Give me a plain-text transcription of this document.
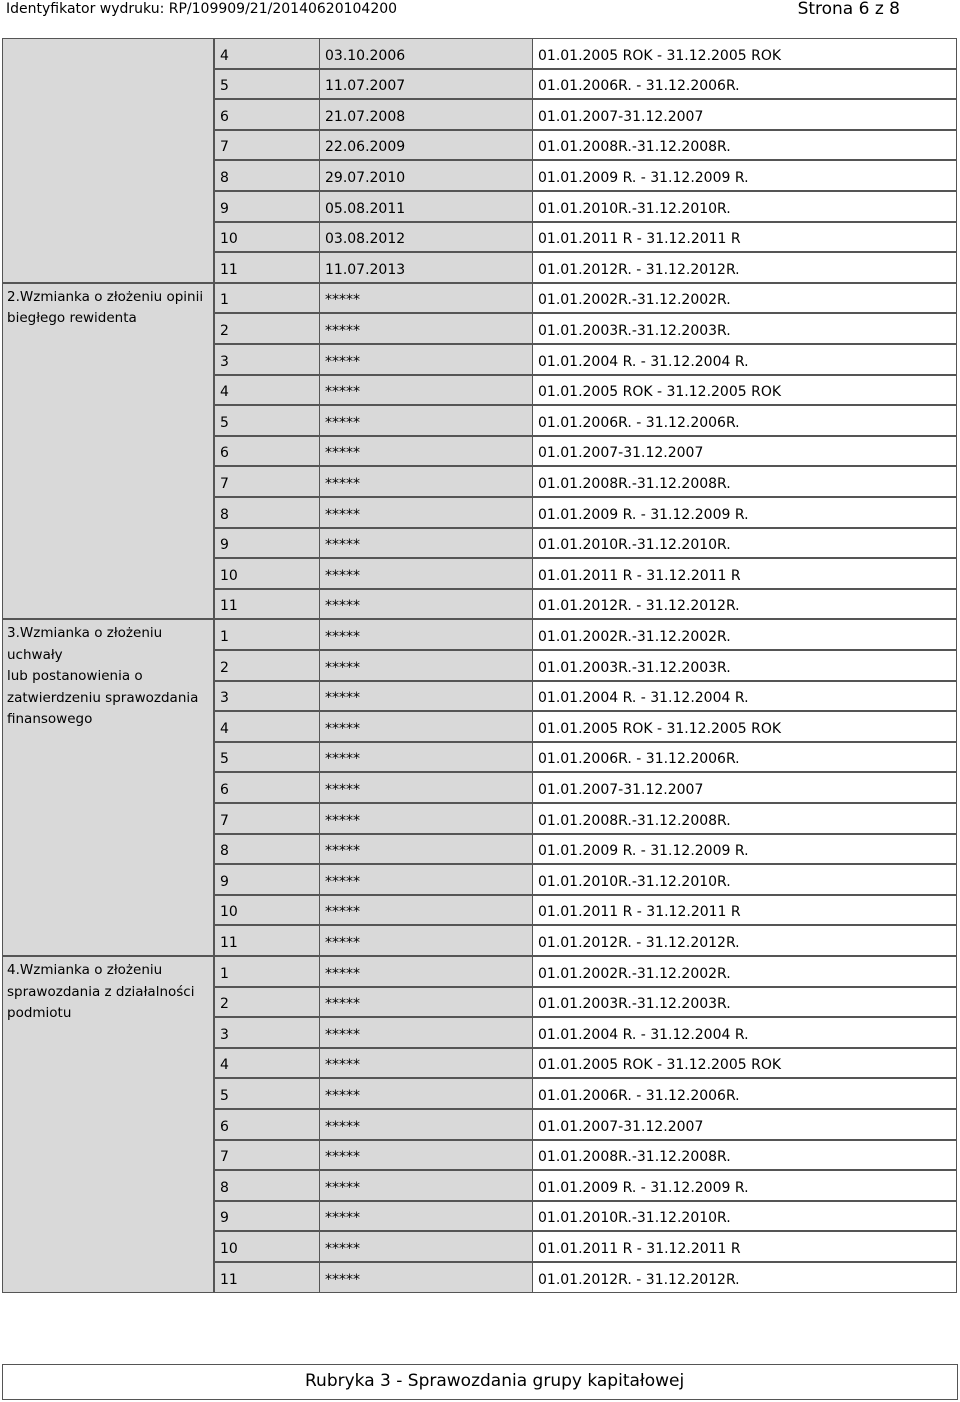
Identyfikator wydruku: RP/109909/21/20140620104200	Strona 6 z 8
4	03.10.2006	01.01.2005 ROK - 31.12.2005 ROK
5	11.07.2007	01.01.2006R. - 31.12.2006R.
6	21.07.2008	01.01.2007-31.12.2007
7	22.06.2009	01.01.2008R.-31.12.2008R.
8	29.07.2010	01.01.2009 R. - 31.12.2009 R.
9	05.08.2011	01.01.2010R.-31.12.2010R.
10	03.08.2012	01.01.2011 R - 31.12.2011 R
11	11.07.2013	01.01.2012R. - 31.12.2012R.
2.Wzmianka o złożeniu opinii
biegłego rewidenta
1	*****	01.01.2002R.-31.12.2002R.
2	*****	01.01.2003R.-31.12.2003R.
3	*****	01.01.2004 R. - 31.12.2004 R.
4	*****	01.01.2005 ROK - 31.12.2005 ROK
5	*****	01.01.2006R. - 31.12.2006R.
6	*****	01.01.2007-31.12.2007
7	*****	01.01.2008R.-31.12.2008R.
8	*****	01.01.2009 R. - 31.12.2009 R.
9	*****	01.01.2010R.-31.12.2010R.
10	*****	01.01.2011 R - 31.12.2011 R
11	*****	01.01.2012R. - 31.12.2012R.
3.Wzmianka o złożeniu uchwały
lub postanowienia o
zatwierdzeniu sprawozdania
finansowego
1	*****	01.01.2002R.-31.12.2002R.
2	*****	01.01.2003R.-31.12.2003R.
3	*****	01.01.2004 R. - 31.12.2004 R.
4	*****	01.01.2005 ROK - 31.12.2005 ROK
5	*****	01.01.2006R. - 31.12.2006R.
6	*****	01.01.2007-31.12.2007
7	*****	01.01.2008R.-31.12.2008R.
8	*****	01.01.2009 R. - 31.12.2009 R.
9	*****	01.01.2010R.-31.12.2010R.
10	*****	01.01.2011 R - 31.12.2011 R
11	*****	01.01.2012R. - 31.12.2012R.
4.Wzmianka o złożeniu
sprawozdania z działalności
podmiotu
1	*****	01.01.2002R.-31.12.2002R.
2	*****	01.01.2003R.-31.12.2003R.
3	*****	01.01.2004 R. - 31.12.2004 R.
4	*****	01.01.2005 ROK - 31.12.2005 ROK
5	*****	01.01.2006R. - 31.12.2006R.
6	*****	01.01.2007-31.12.2007
7	*****	01.01.2008R.-31.12.2008R.
8	*****	01.01.2009 R. - 31.12.2009 R.
9	*****	01.01.2010R.-31.12.2010R.
10	*****	01.01.2011 R - 31.12.2011 R
11	*****	01.01.2012R. - 31.12.2012R.
Rubryka 3 - Sprawozdania grupy kapitałowej
